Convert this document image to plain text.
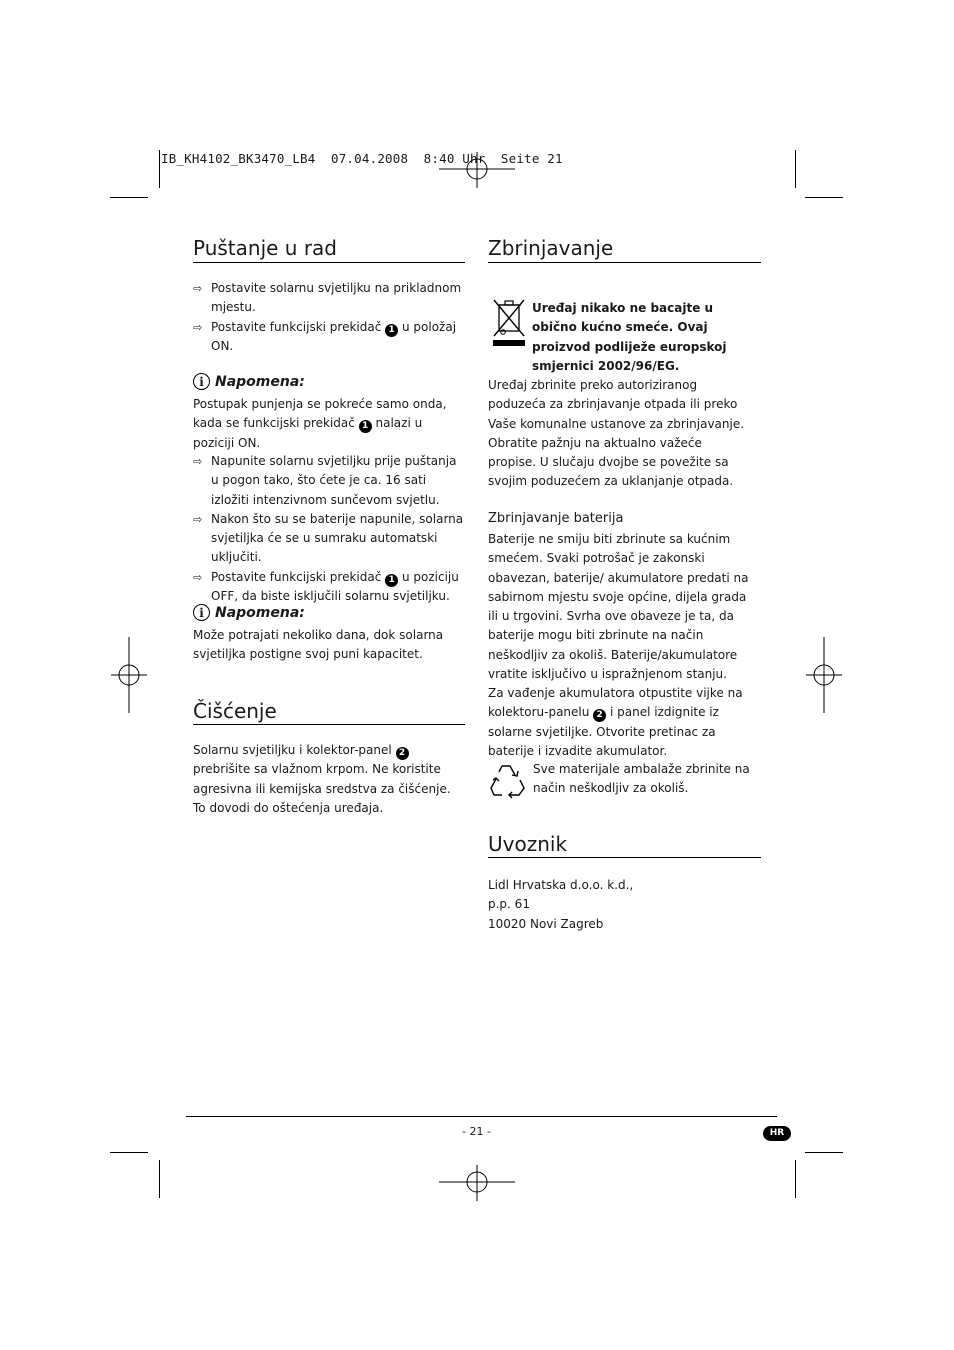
IB_KH4102_BK3470_LB4  07.04.2008  8:40 Uhr  Seite 21
Puštanje u rad
⇨ Postavite solarnu svjetiljku na prikladnom mjestu.
⇨ Postavite funkcijski prekidač 1 u položaj ON.
i Napomena:

Postupak punjenja se pokreće samo onda, kada se funkcijski prekidač 1 nalazi u poziciji ON.

⇨ Napunite solarnu svjetiljku prije puštanja u pogon tako, što ćete je ca. 16 sati izložiti intenzivnom sunčevom svjetlu.
⇨ Nakon što su se baterije napunile, solarna svjetiljka će se u sumraku automatski uključiti.
⇨ Postavite funkcijski prekidač 1 u poziciju OFF, da biste isključili solarnu svjetiljku.
i Napomena:

Može potrajati nekoliko dana, dok solarna svjetiljka postigne svoj puni kapacitet.

Čišćenje

Solarnu svjetiljku i kolektor-panel 2 prebrišite sa vlažnom krpom. Ne koristite agresivna ili kemijska sredstva za čišćenje. To dovodi do oštećenja uređaja.

Zbrinjavanje

Uređaj nikako ne bacajte u obično kućno smeće. Ovaj proizvod podliježe europskoj smjernici 2002/96/EG.

Uređaj zbrinite preko autoriziranog poduzeća za zbrinjavanje otpada ili preko Vaše komunalne ustanove za zbrinjavanje. Obratite pažnju na aktualno važeće propise. U slučaju dvojbe se povežite sa svojim poduzećem za uklanjanje otpada.

Zbrinjavanje baterija

Baterije ne smiju biti zbrinute sa kućnim smećem. Svaki potrošač je zakonski obavezan, baterije/ akumulatore predati na sabirnom mjestu svoje općine, dijela grada ili u trgovini. Svrha ove obaveze je ta, da baterije mogu biti zbrinute na način neškodljiv za okoliš. Baterije/akumulatore vratite isključivo u ispražnjenom stanju.

Za vađenje akumulatora otpustite vijke na kolektoru-panelu 2 i panel izdignite iz solarne svjetiljke. Otvorite pretinac za baterije i izvadite akumulator.

Sve materijale ambalaže zbrinite na način neškodljiv za okoliš.

Uvoznik
Lidl Hrvatska d.o.o. k.d.,
p.p. 61
10020 Novi Zagreb
- 21 -	HR
